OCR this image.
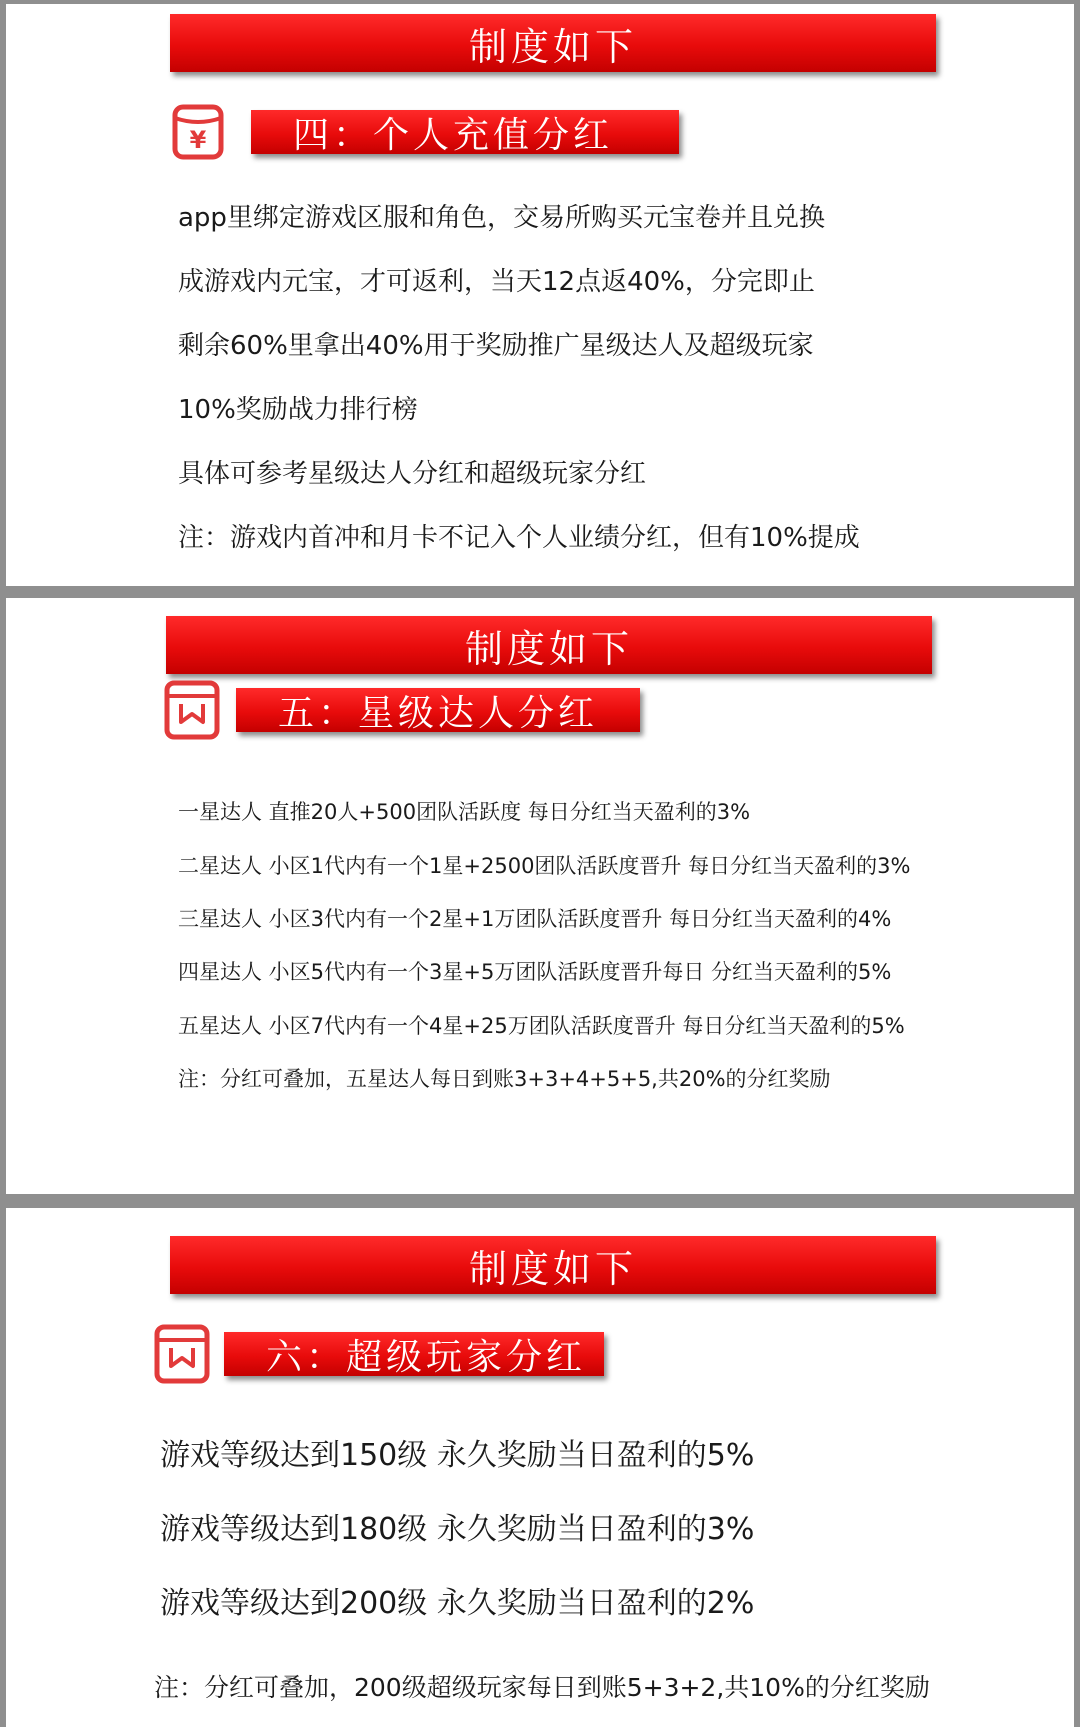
制度如下
¥	四：个人充值分红
app里绑定游戏区服和角色，交易所购买元宝卷并且兑换
成游戏内元宝，才可返利，当天12点返40%，分完即止
剩余60%里拿出40%用于奖励推广星级达人及超级玩家
10%奖励战力排行榜
具体可参考星级达人分红和超级玩家分红
注：游戏内首冲和月卡不记入个人业绩分红，但有10%提成
制度如下
五：星级达人分红
一星达人 直推20人+500团队活跃度 每日分红当天盈利的3%
二星达人 小区1代内有一个1星+2500团队活跃度晋升 每日分红当天盈利的3%
三星达人 小区3代内有一个2星+1万团队活跃度晋升 每日分红当天盈利的4%
四星达人 小区5代内有一个3星+5万团队活跃度晋升每日 分红当天盈利的5%
五星达人 小区7代内有一个4星+25万团队活跃度晋升 每日分红当天盈利的5%
注：分红可叠加，五星达人每日到账3+3+4+5+5,共20%的分红奖励
制度如下
六：超级玩家分红
游戏等级达到150级 永久奖励当日盈利的5%
游戏等级达到180级 永久奖励当日盈利的3%
游戏等级达到200级 永久奖励当日盈利的2%
注：分红可叠加，200级超级玩家每日到账5+3+2,共10%的分红奖励
